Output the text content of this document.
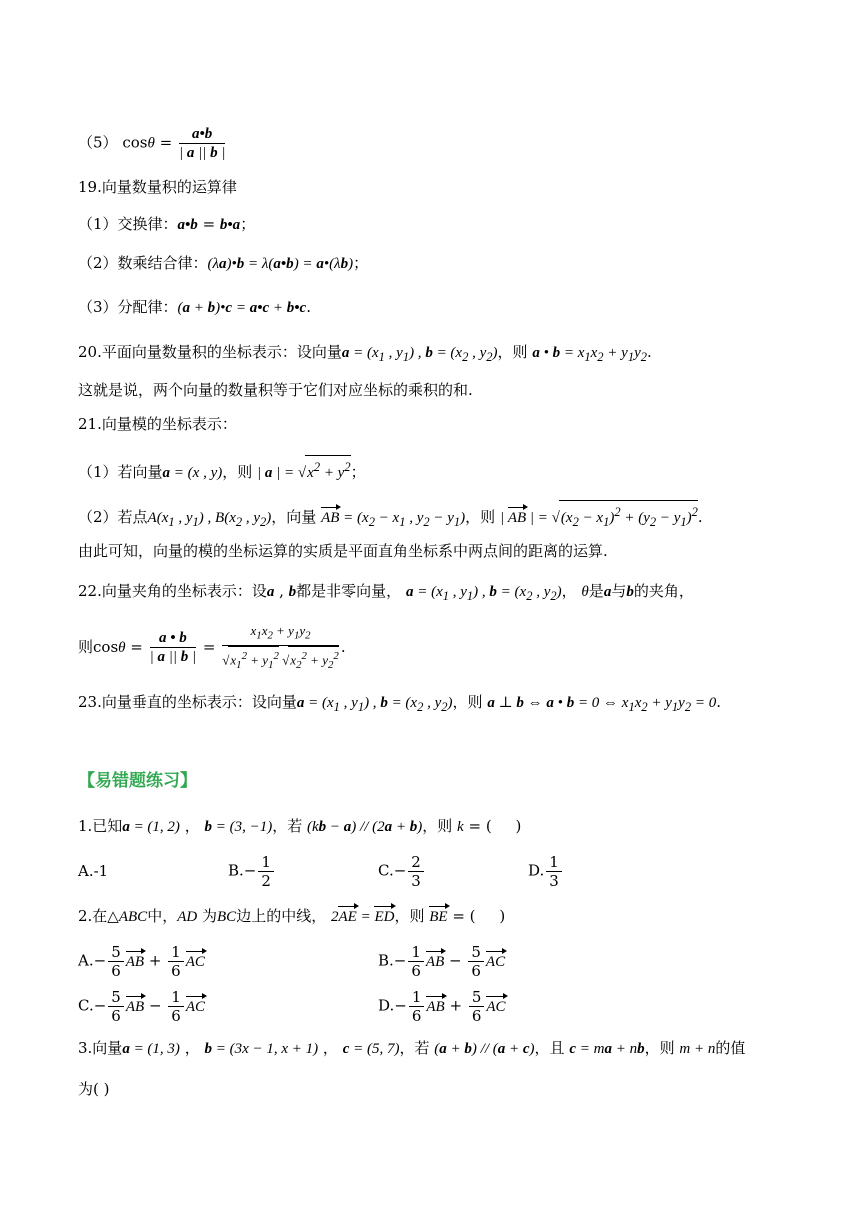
（5） $\cos\theta = \frac{a•b}{| a || b |}$
19.向量数量积的运算律
（1）交换律：a•b = b•a；
（2）数乘结合律：(λa)•b = λ(a•b) = a•(λb)；
（3）分配律：(a + b)•c = a•c + b•c.
20.平面向量数量积的坐标表示：设向量$a = (x_1$ , $y_1$) , $b = (x_2$ , $y_2$)，则 a • $b = x_1x_2 + y_1y_2$.
这就是说，两个向量的数量积等于它们对应坐标的乘积的和.
21.向量模的坐标表示：
（1）若向量a = (x , y)，则 | a | = $√x^2 + y^2$；
（2）若点$A(x_1$ , $y_1$) , $B(x_2$ , $y_2$)，向量 AB = ($x_2 - x_1$ , $y_2 - y_1$)，则 | AB | = $√(x_2 - x_1)^2 + (y_2 - y_1)^2$.
由此可知，向量的模的坐标运算的实质是平面直角坐标系中两点间的距离的运算.
22.向量夹角的坐标表示：设a , b都是非零向量， $a = (x_1$ , $y_1$) , $b = (x_2$ , $y_2$)， θ是a与b的夹角，
则$\cos\theta = \frac{a • b}{| a || b |} = \frac{x_1x_2 + y_1y_2}{√x_1^2 + y_1^2 √x_2^2 + y_2^2}$ .
23.向量垂直的坐标表示：设向量$a = (x_1$ , $y_1$) , $b = (x_2$ , $y_2$)，则 a ⊥ b ⇔ a • b = 0 ⇔ $x_1x_2 + y_1y_2 = 0$.
【易错题练习】
1.已知a = (1, 2) ， b = (3, −1)，若 (kb − a) // (2a + b)，则 k = (     )
A.-1	$B.- \frac{1}{2}$	$C.- \frac{2}{3}$	D. $\frac{1}{3}$
2.在△ABC中，AD 为BC边上的中线， 2AE = ED，则 BE = (     )
$A.- \frac{5}{6}$ AB + $\frac{1}{6}$ AC	$B.- \frac{1}{6}$ AB − $\frac{5}{6}$ AC
$C.- \frac{5}{6}$ AB − $\frac{1}{6}$ AC	$D.- \frac{1}{6}$ AB + $\frac{5}{6}$ AC
3.向量a = (1, 3) ， b = (3x − 1, x + 1) ， c = (5, 7)，若 (a + b) // (a + c)，且 c = ma + nb，则 m + n的值
为( )
